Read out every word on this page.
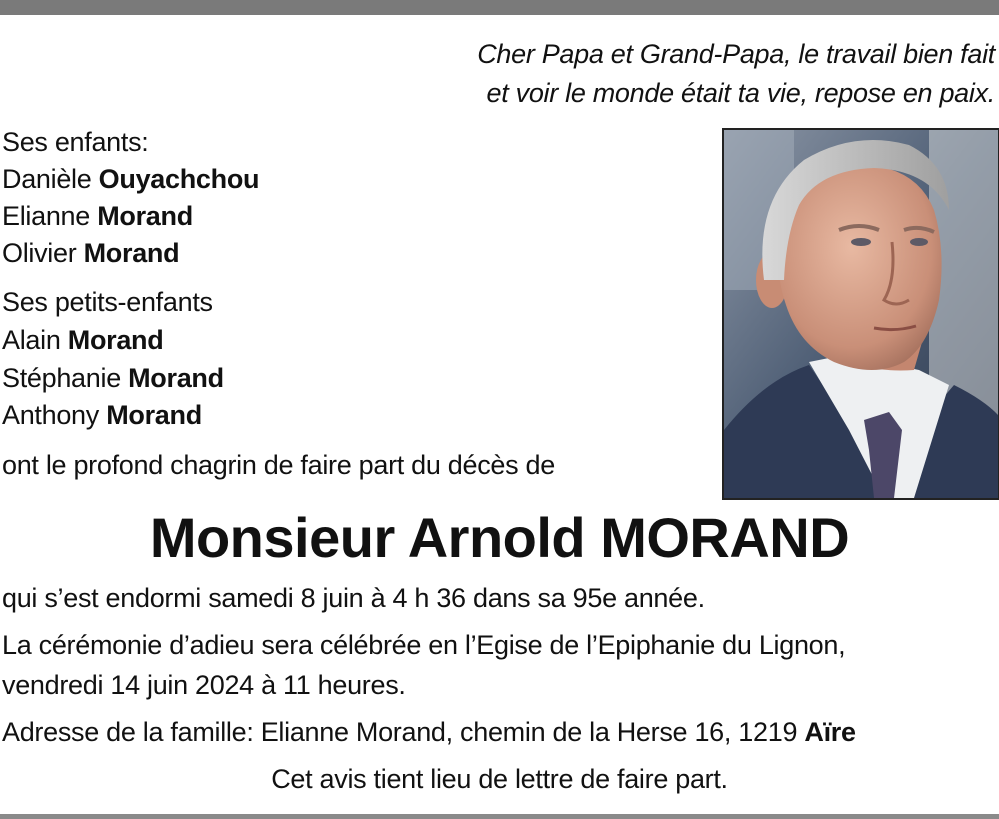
Cher Papa et Grand-Papa, le travail bien fait
et voir le monde était ta vie, repose en paix.
Ses enfants:
Danièle Ouyachchou
Elianne Morand
Olivier Morand
Ses petits-enfants
Alain Morand
Stéphanie Morand
Anthony Morand
ont le profond chagrin de faire part du décès de
Monsieur Arnold MORAND
qui s’est endormi samedi 8 juin à 4 h 36 dans sa 95e année.
La cérémonie d’adieu sera célébrée en l’Egise de l’Epiphanie du Lignon,
vendredi 14 juin 2024 à 11 heures.
Adresse de la famille: Elianne Morand, chemin de la Herse 16, 1219 Aïre
Cet avis tient lieu de lettre de faire part.
